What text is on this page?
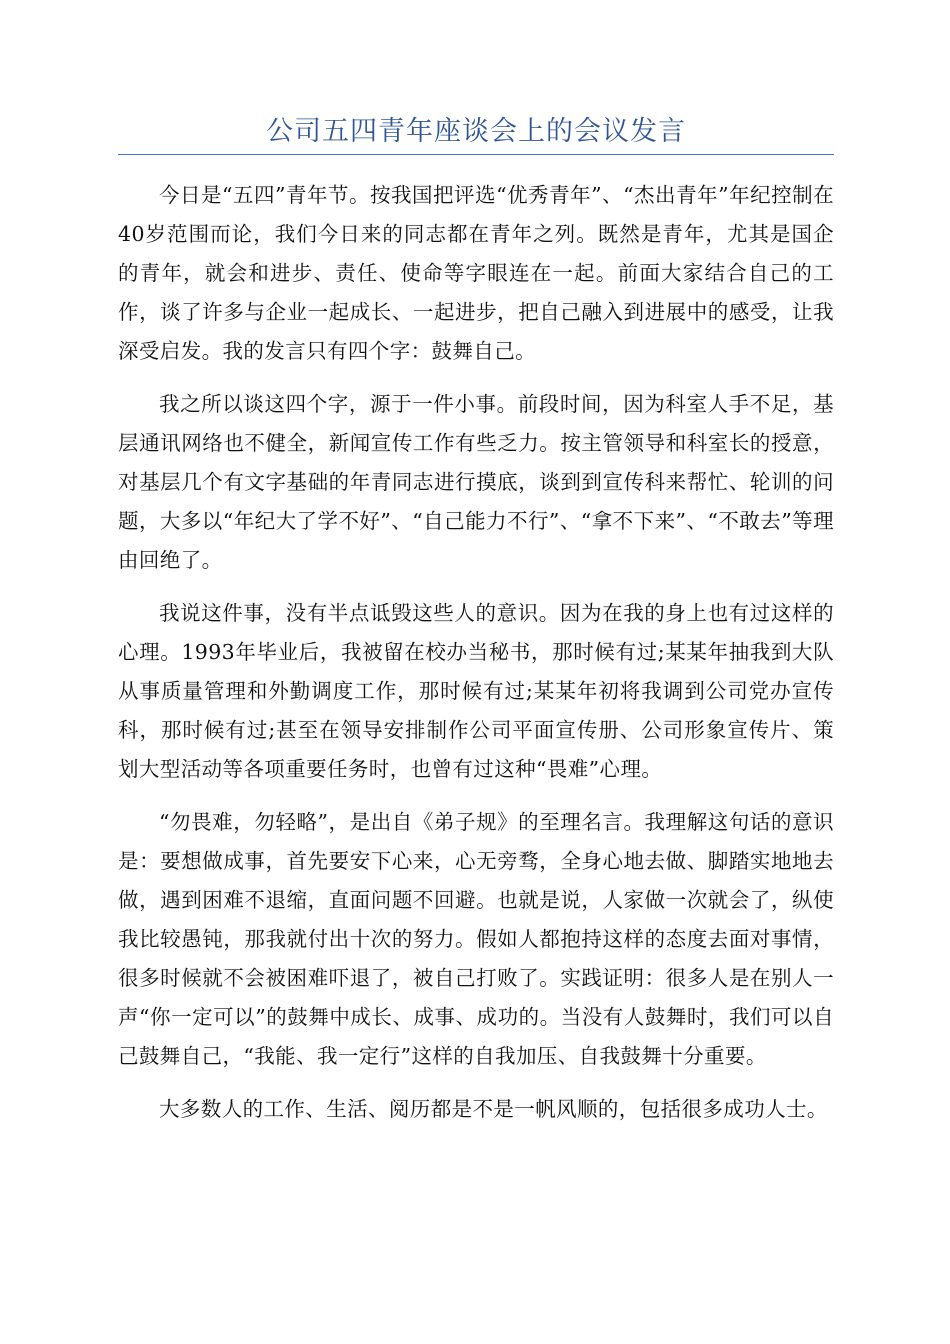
公司五四青年座谈会上的会议发言

今日是“五四”青年节。按我国把评选“优秀青年”、“杰出青年”年纪控制在40岁范围而论，我们今日来的同志都在青年之列。既然是青年，尤其是国企的青年，就会和进步、责任、使命等字眼连在一起。前面大家结合自己的工作，谈了许多与企业一起成长、一起进步，把自己融入到进展中的感受，让我深受启发。我的发言只有四个字：鼓舞自己。

我之所以谈这四个字，源于一件小事。前段时间，因为科室人手不足，基层通讯网络也不健全，新闻宣传工作有些乏力。按主管领导和科室长的授意，对基层几个有文字基础的年青同志进行摸底，谈到到宣传科来帮忙、轮训的问题，大多以“年纪大了学不好”、“自己能力不行”、“拿不下来”、“不敢去”等理由回绝了。

我说这件事，没有半点诋毁这些人的意识。因为在我的身上也有过这样的心理。1993年毕业后，我被留在校办当秘书，那时候有过;某某年抽我到大队从事质量管理和外勤调度工作，那时候有过;某某年初将我调到公司党办宣传科，那时候有过;甚至在领导安排制作公司平面宣传册、公司形象宣传片、策划大型活动等各项重要任务时，也曾有过这种“畏难”心理。

“勿畏难，勿轻略”，是出自《弟子规》的至理名言。我理解这句话的意识是：要想做成事，首先要安下心来，心无旁骛，全身心地去做、脚踏实地地去做，遇到困难不退缩，直面问题不回避。也就是说，人家做一次就会了，纵使我比较愚钝，那我就付出十次的努力。假如人都抱持这样的态度去面对事情，很多时候就不会被困难吓退了，被自己打败了。实践证明：很多人是在别人一声“你一定可以”的鼓舞中成长、成事、成功的。当没有人鼓舞时，我们可以自己鼓舞自己，“我能、我一定行”这样的自我加压、自我鼓舞十分重要。

大多数人的工作、生活、阅历都是不是一帆风顺的，包括很多成功人士。
